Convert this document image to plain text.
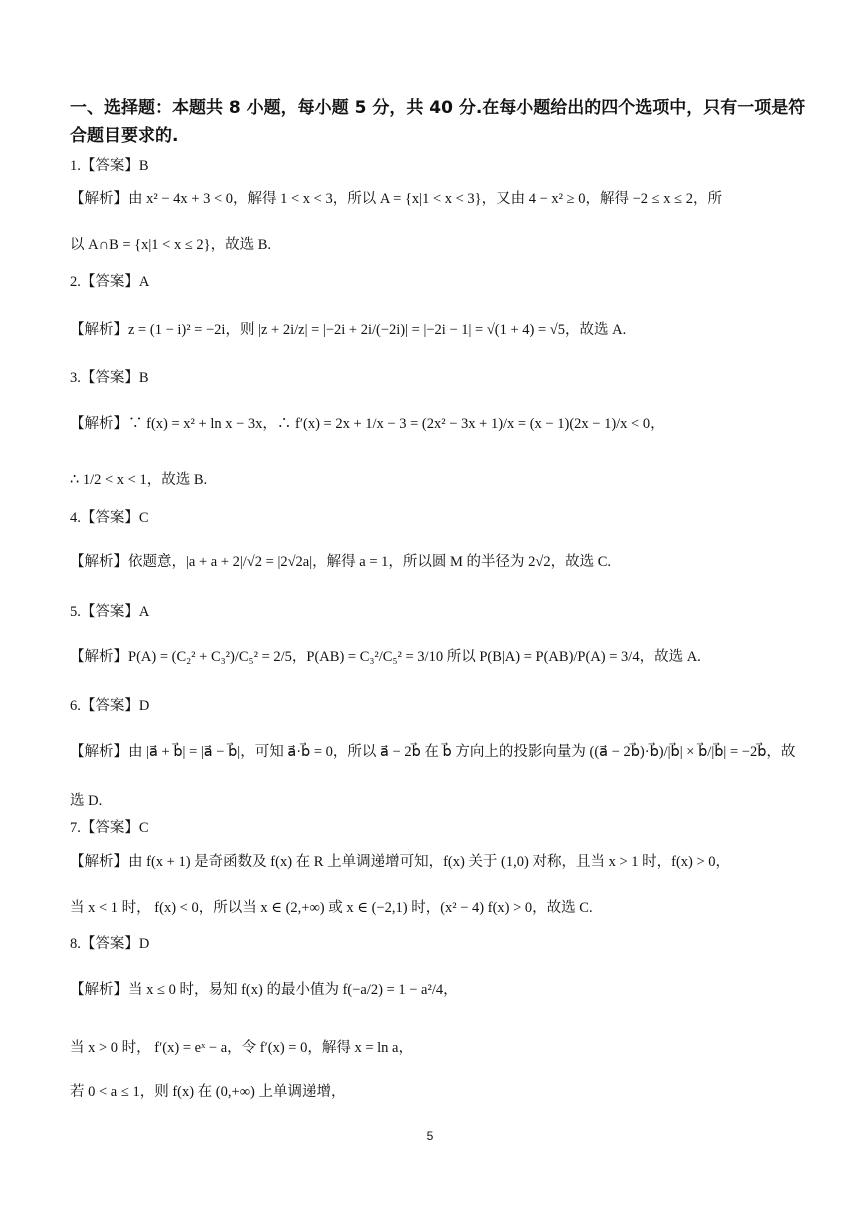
一、选择题：本题共 8 小题，每小题 5 分，共 40 分.在每小题给出的四个选项中，只有一项是符合题目要求的.
1.【答案】B
【解析】由 x² − 4x + 3 < 0，解得 1 < x < 3，所以 A = {x|1 < x < 3}，又由 4 − x² ≥ 0，解得 −2 ≤ x ≤ 2，所
以 A∩B = {x|1 < x ≤ 2}，故选 B.
2.【答案】A
【解析】z = (1 − i)² = −2i，则 |z + 2i/z| = |−2i + 2i/(−2i)| = |−2i − 1| = √(1 + 4) = √5，故选 A.
3.【答案】B
【解析】∵ f(x) = x² + ln x − 3x，∴ f′(x) = 2x + 1/x − 3 = (2x² − 3x + 1)/x = (x − 1)(2x − 1)/x < 0，
∴ 1/2 < x < 1，故选 B.
4.【答案】C
【解析】依题意，|a + a + 2|/√2 = |2√2a|，解得 a = 1，所以圆 M 的半径为 2√2，故选 C.
5.【答案】A
【解析】P(A) = (C₂² + C₃²)/C₅² = 2/5，P(AB) = C₃²/C₅² = 3/10 所以 P(B|A) = P(AB)/P(A) = 3/4，故选 A.
6.【答案】D
【解析】由 |a⃗ + b⃗| = |a⃗ − b⃗|，可知 a⃗·b⃗ = 0，所以 a⃗ − 2b⃗ 在 b⃗ 方向上的投影向量为 ((a⃗ − 2b⃗)·b⃗)/|b⃗| × b⃗/|b⃗| = −2b⃗，故
选 D.
7.【答案】C
【解析】由 f(x + 1) 是奇函数及 f(x) 在 R 上单调递增可知，f(x) 关于 (1,0) 对称，且当 x > 1 时，f(x) > 0，
当 x < 1 时， f(x) < 0，所以当 x ∈ (2,+∞) 或 x ∈ (−2,1) 时，(x² − 4) f(x) > 0，故选 C.
8.【答案】D
【解析】当 x ≤ 0 时，易知 f(x) 的最小值为 f(−a/2) = 1 − a²/4，
当 x > 0 时， f′(x) = eˣ − a，令 f′(x) = 0，解得 x = ln a，
若 0 < a ≤ 1，则 f(x) 在 (0,+∞) 上单调递增，
5
